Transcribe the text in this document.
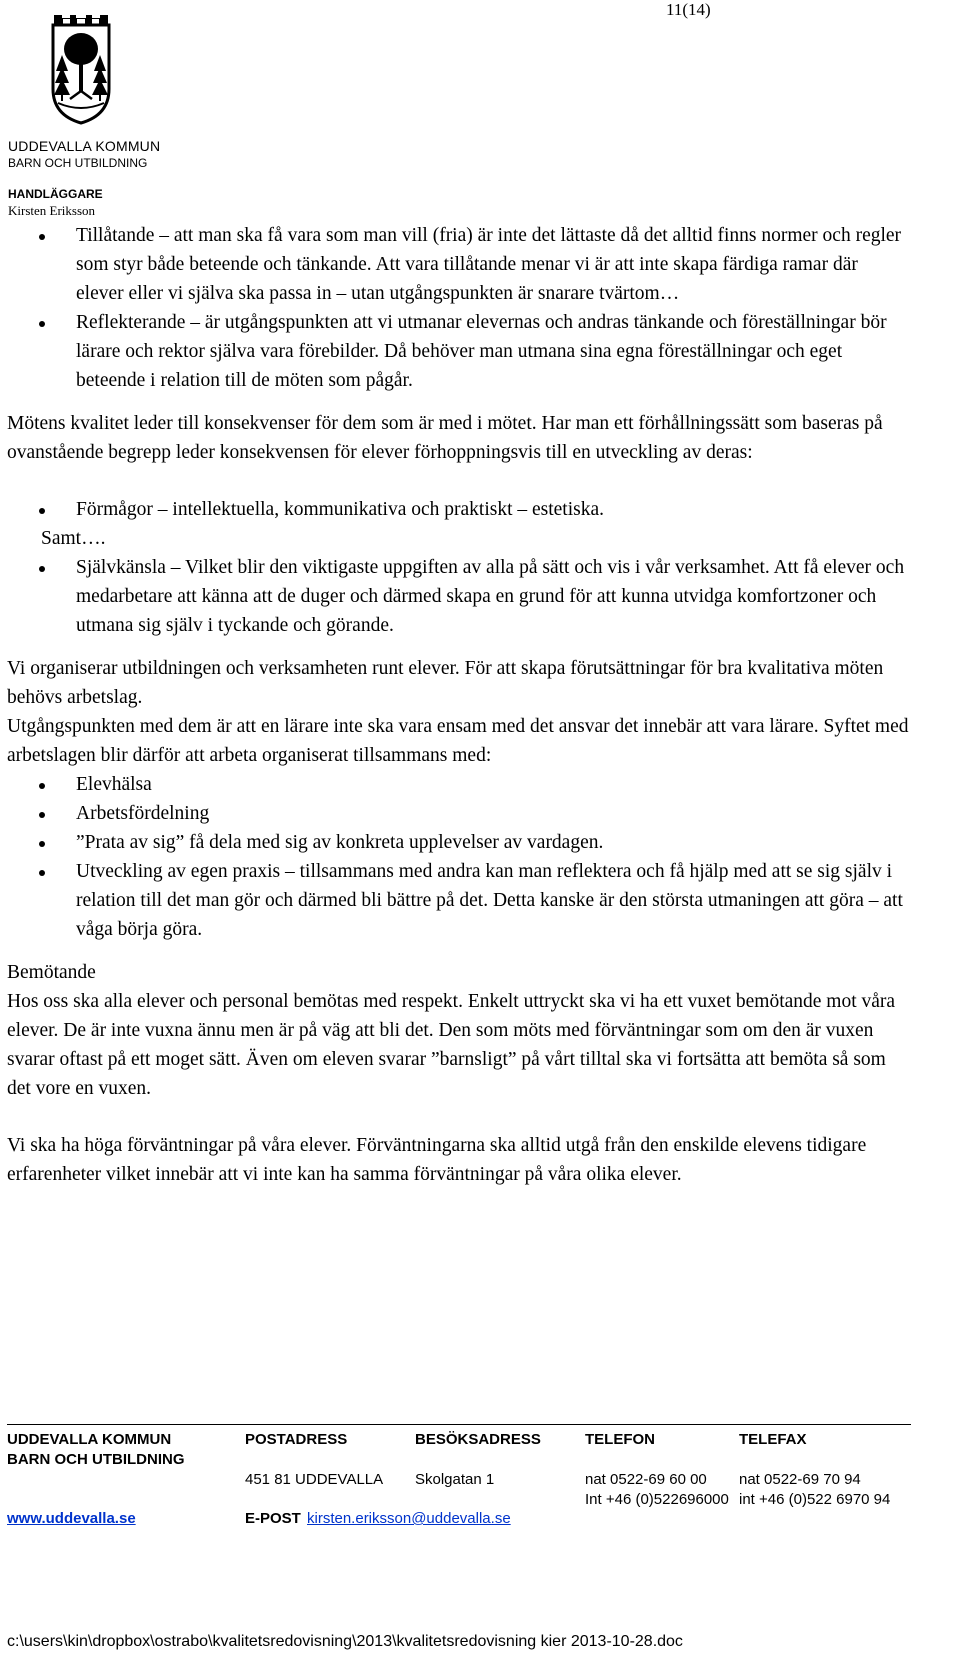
11(14)
UDDEVALLA KOMMUN
BARN OCH UTBILDNING
HANDLÄGGARE
Kirsten Eriksson
Tillåtande – att man ska få vara som man vill (fria) är inte det lättaste då det alltid finns normer och regler som styr både beteende och tänkande. Att vara tillåtande menar vi är att inte skapa färdiga ramar där elever eller vi själva ska passa in – utan utgångspunkten är snarare tvärtom…
Reflekterande – är utgångspunkten att vi utmanar elevernas och andras tänkande och föreställningar bör lärare och rektor själva vara förebilder. Då behöver man utmana sina egna föreställningar och eget beteende i relation till de möten som pågår.

Mötens kvalitet leder till konsekvenser för dem som är med i mötet. Har man ett förhållningssätt som baseras på ovanstående begrepp leder konsekvensen för elever förhoppningsvis till en utveckling av deras:

Förmågor – intellektuella, kommunikativa och praktiskt – estetiska.

Samt….

Självkänsla – Vilket blir den viktigaste uppgiften av alla på sätt och vis i vår verksamhet. Att få elever och medarbetare att känna att de duger och därmed skapa en grund för att kunna utvidga komfortzoner och utmana sig själv i tyckande och görande.

Vi organiserar utbildningen och verksamheten runt elever. För att skapa förutsättningar för bra kvalitativa möten behövs arbetslag.

Utgångspunkten med dem är att en lärare inte ska vara ensam med det ansvar det innebär att vara lärare. Syftet med arbetslagen blir därför att arbeta organiserat tillsammans med:

Elevhälsa
Arbetsfördelning
”Prata av sig” få dela med sig av konkreta upplevelser av vardagen.
Utveckling av egen praxis – tillsammans med andra kan man reflektera och få hjälp med att se sig själv i relation till det man gör och därmed bli bättre på det. Detta kanske är den största utmaningen att göra – att våga börja göra.

Bemötande

Hos oss ska alla elever och personal bemötas med respekt. Enkelt uttryckt ska vi ha ett vuxet bemötande mot våra elever. De är inte vuxna ännu men är på väg att bli det. Den som möts med förväntningar som om den är vuxen svarar oftast på ett moget sätt. Även om eleven svarar ”barnsligt” på vårt tilltal ska vi fortsätta att bemöta så som det vore en vuxen.

Vi ska ha höga förväntningar på våra elever. Förväntningarna ska alltid utgå från den enskilde elevens tidigare erfarenheter vilket innebär att vi inte kan ha samma förväntningar på våra olika elever.

UDDEVALLA KOMMUN
BARN OCH UTBILDNING
www.uddevalla.se
POSTADRESS
451 81 UDDEVALLA
E-POST kirsten.eriksson@uddevalla.se
BESÖKSADRESS
Skolgatan 1
TELEFON
nat 0522-69 60 00
Int +46 (0)522696000
TELEFAX
nat 0522-69 70 94
int +46 (0)522 6970 94
c:\users\kin\dropbox\ostrabo\kvalitetsredovisning\2013\kvalitetsredovisning kier 2013-10-28.doc
